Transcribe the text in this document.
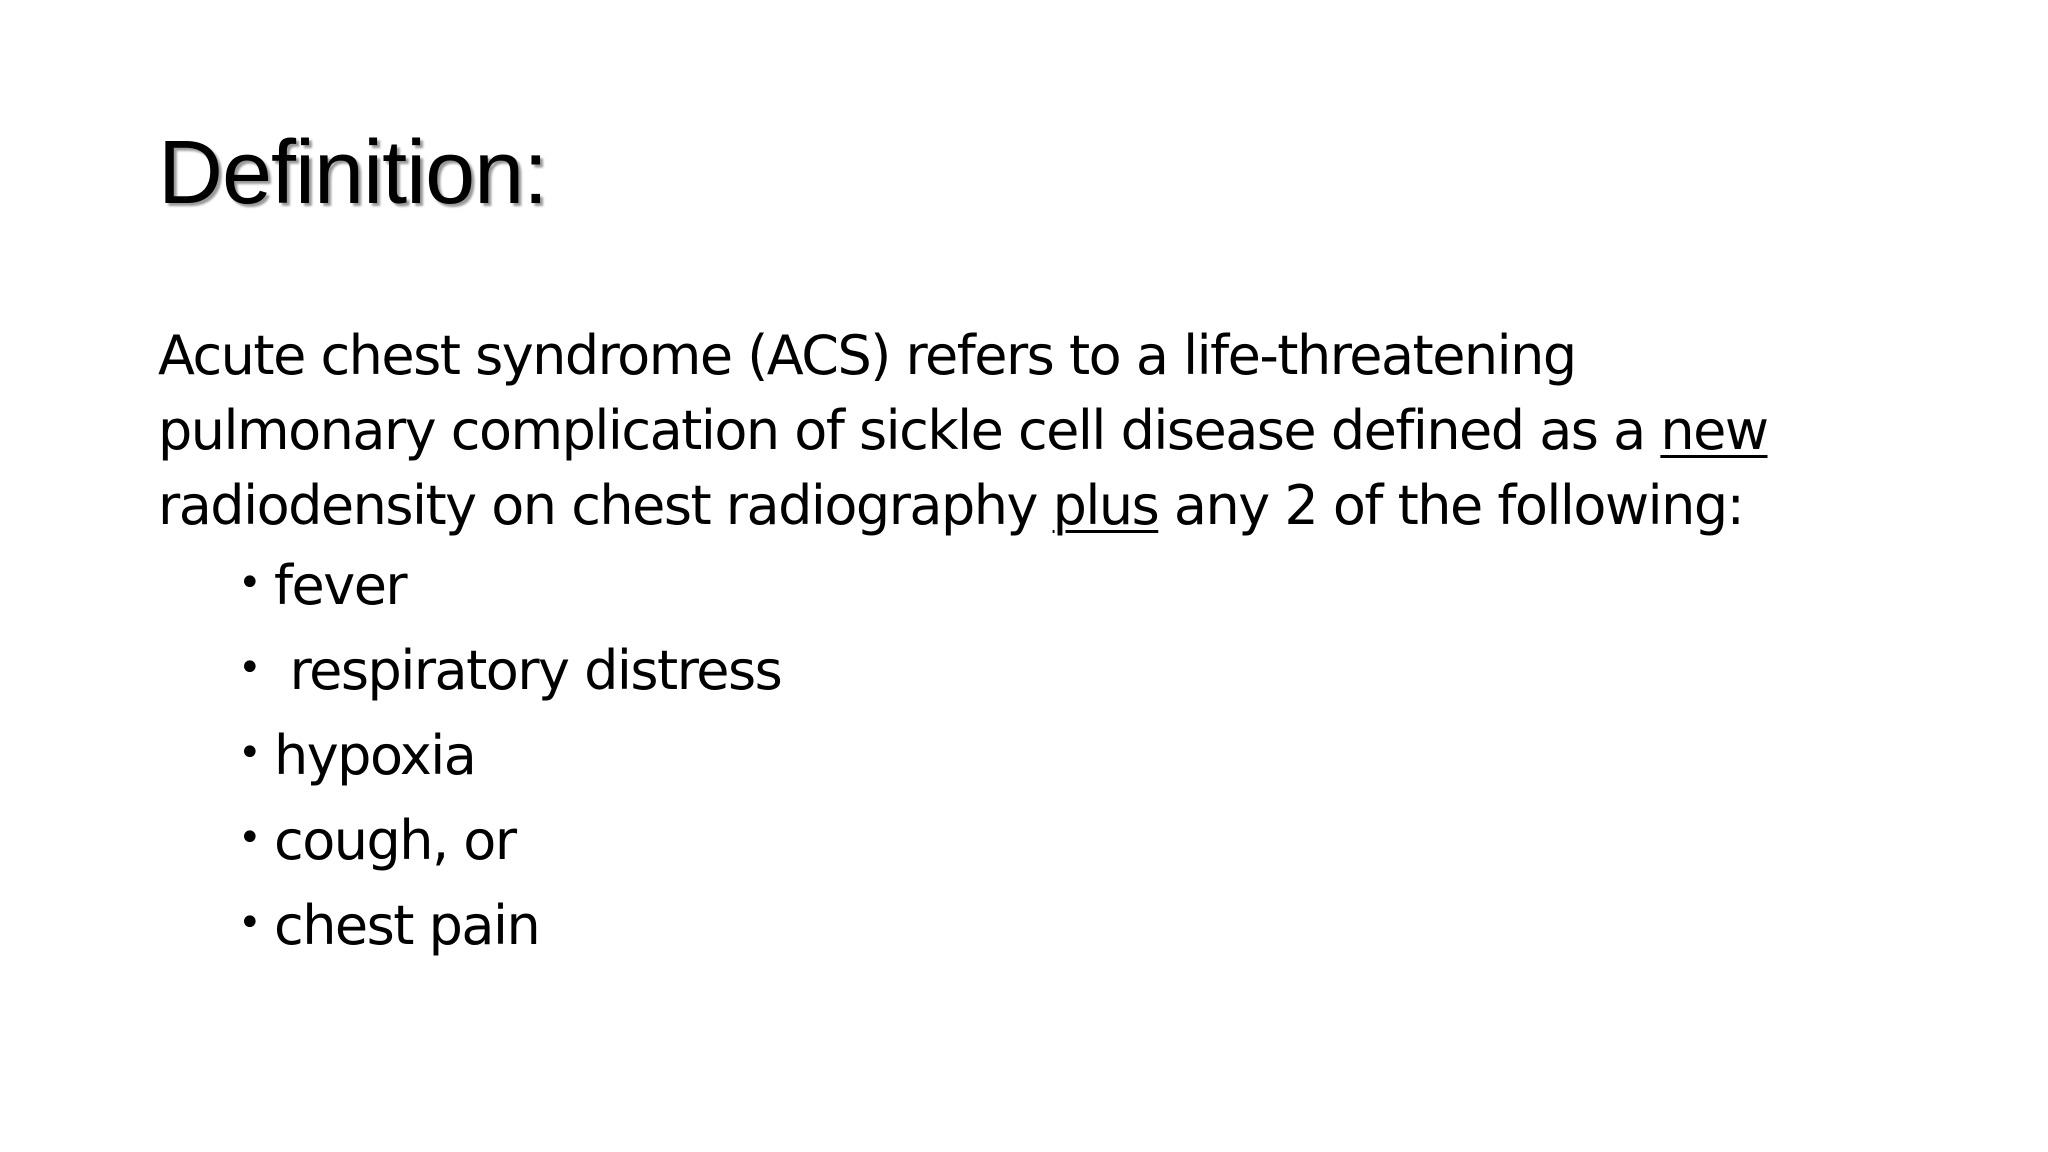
Definition:

Acute chest syndrome (ACS) refers to a life-threatening

pulmonary complication of sickle cell disease defined as a new

radiodensity on chest radiography plus any 2 of the following:

• fever
• respiratory distress
• hypoxia
• cough, or
• chest pain
